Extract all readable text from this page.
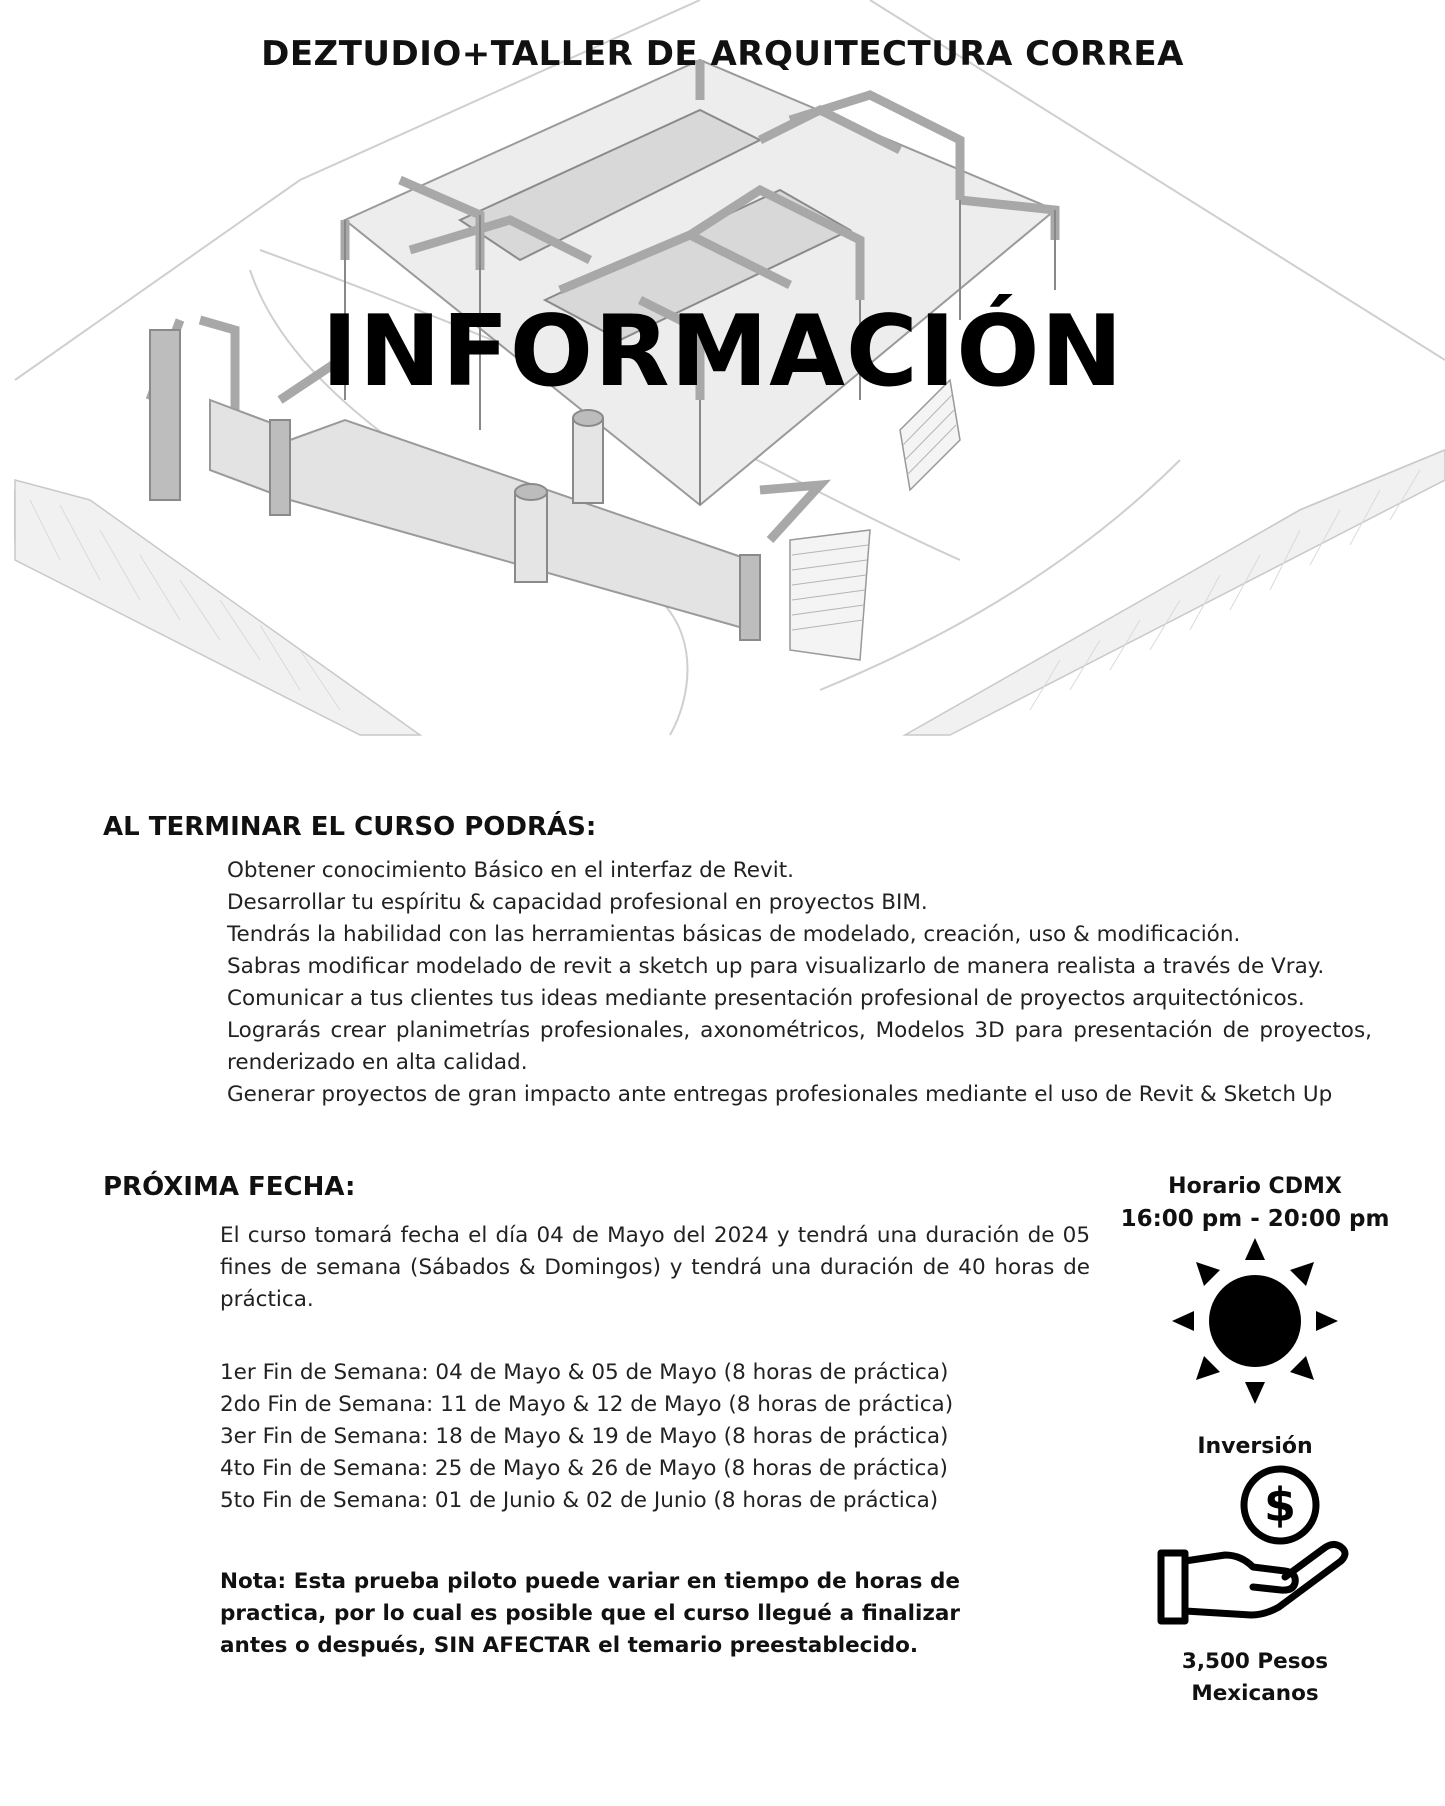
DEZTUDIO+TALLER DE ARQUITECTURA CORREA
INFORMACIÓN
AL TERMINAR EL CURSO PODRÁS:
Obtener conocimiento Básico en el interfaz de Revit.
Desarrollar tu espíritu & capacidad profesional en proyectos BIM.
Tendrás la habilidad con las herramientas básicas de modelado, creación, uso & modificación.
Sabras modificar modelado de revit a sketch up para visualizarlo de manera realista a través de Vray.
Comunicar a tus clientes tus ideas mediante presentación profesional de proyectos arquitectónicos.
Lograrás crear planimetrías profesionales, axonométricos, Modelos 3D para presentación de proyectos, renderizado en alta calidad.
Generar proyectos de gran impacto ante entregas profesionales mediante el uso de Revit & Sketch Up
PRÓXIMA FECHA:

El curso tomará fecha el día 04 de Mayo del 2024 y tendrá una duración de 05 fines de semana (Sábados & Domingos) y tendrá una duración de 40 horas de práctica.

1er Fin de Semana: 04 de Mayo & 05 de Mayo (8 horas de práctica)
2do Fin de Semana: 11 de Mayo & 12 de Mayo (8 horas de práctica)
3er Fin de Semana: 18 de Mayo & 19 de Mayo (8 horas de práctica)
4to Fin de Semana: 25 de Mayo & 26 de Mayo (8 horas de práctica)
5to Fin de Semana: 01 de Junio & 02 de Junio (8 horas de práctica)

Nota: Esta prueba piloto puede variar en tiempo de horas de practica, por lo cual es posible que el curso llegué a finalizar antes o después, SIN AFECTAR el temario preestablecido.

Horario CDMX
16:00 pm - 20:00 pm
Inversión
$
3,500 Pesos
Mexicanos
